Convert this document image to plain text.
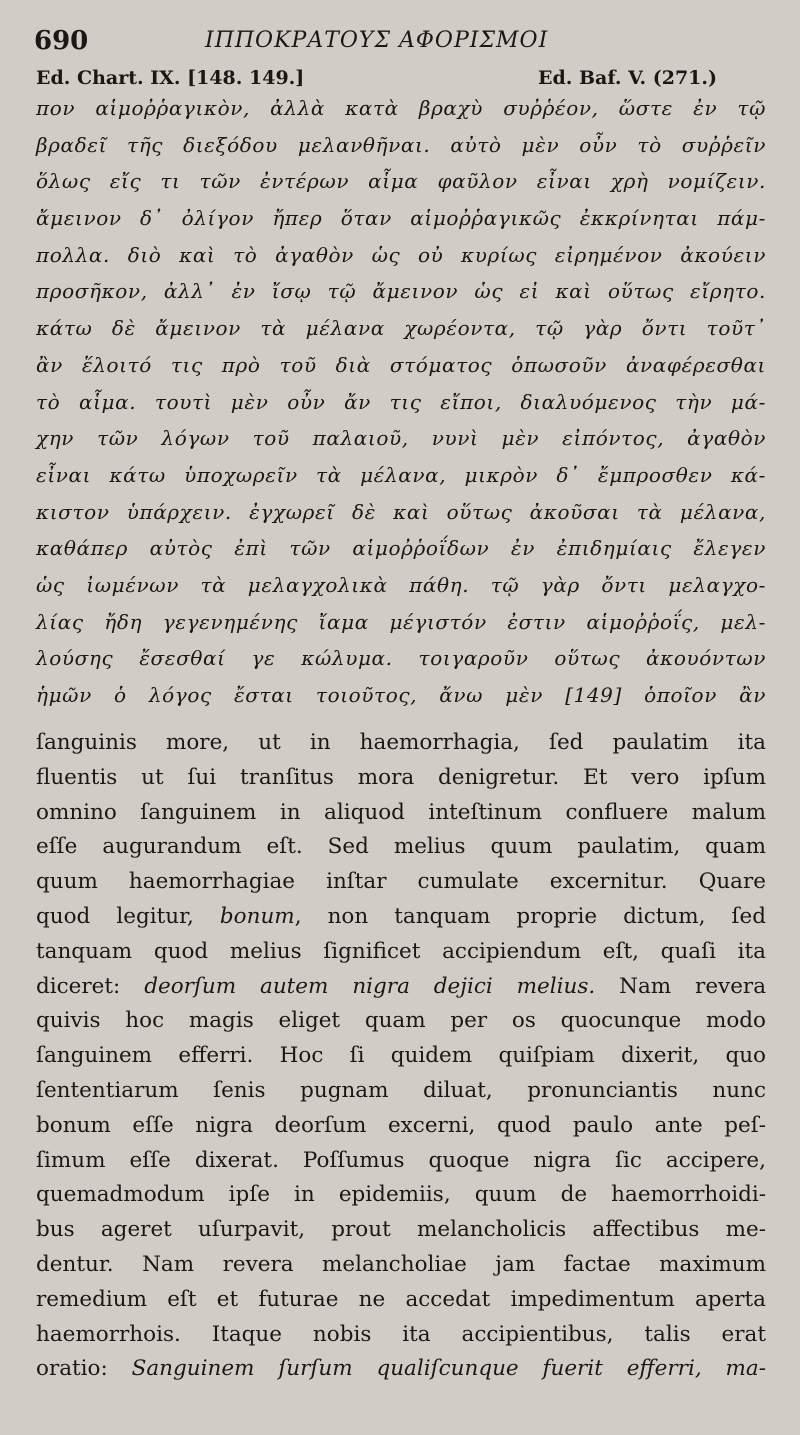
690	ΙΠΠΟΚΡΑΤΟΥΣ ΑΦΟΡΙΣΜΟΙ
Ed. Chart. IX. [148. 149.]	Ed. Baf. V. (271.)
πον αἱμοῤῥαγικὸν, ἀλλὰ κατὰ βραχὺ συῤῥέον, ὥστε ἐν τῷ
βραδεῖ τῆς διεξόδου μελανθῆναι. αὐτὸ μὲν οὖν τὸ συῤῥεῖν
ὅλως εἴς τι τῶν ἐντέρων αἷμα φαῦλον εἶναι χρὴ νομίζειν.
ἄμεινον δ᾽ ὀλίγον ἤπερ ὅταν αἱμοῤῥαγικῶς ἐκκρίνηται πάμ-
πολλα. διὸ καὶ τὸ ἀγαθὸν ὡς οὐ κυρίως εἰρημένον ἀκούειν
προσῆκον, ἀλλ᾽ ἐν ἴσῳ τῷ ἄμεινον ὡς εἰ καὶ οὕτως εἴρητο.
κάτω δὲ ἄμεινον τὰ μέλανα χωρέοντα, τῷ γὰρ ὄντι τοῦτ᾽
ἂν ἕλοιτό τις πρὸ τοῦ διὰ στόματος ὁπωσοῦν ἀναφέρεσθαι
τὸ αἷμα. τουτὶ μὲν οὖν ἄν τις εἴποι, διαλυόμενος τὴν μά-
χην τῶν λόγων τοῦ παλαιοῦ, νυνὶ μὲν εἰπόντος, ἀγαθὸν
εἶναι κάτω ὑποχωρεῖν τὰ μέλανα, μικρὸν δ᾽ ἔμπροσθεν κά-
κιστον ὑπάρχειν. ἐγχωρεῖ δὲ καὶ οὕτως ἀκοῦσαι τὰ μέλανα,
καθάπερ αὐτὸς ἐπὶ τῶν αἱμοῤῥοΐδων ἐν ἐπιδημίαις ἔλεγεν
ὡς ἰωμένων τὰ μελαγχολικὰ πάθη. τῷ γὰρ ὄντι μελαγχο-
λίας ἤδη γεγενημένης ἴαμα μέγιστόν ἐστιν αἱμοῤῥοΐς, μελ-
λούσης ἔσεσθαί γε κώλυμα. τοιγαροῦν οὕτως ἀκουόντων
ἡμῶν ὁ λόγος ἔσται τοιοῦτος, ἄνω μὲν [149] ὁποῖον ἂν
ſanguinis more, ut in haemorrhagia, ſed paulatim ita
fluentis ut ſui tranſitus mora denigretur. Et vero ipſum
omnino ſanguinem in aliquod inteſtinum confluere malum
eſſe augurandum eſt. Sed melius quum paulatim, quam
quum haemorrhagiae inſtar cumulate excernitur. Quare
quod legitur, bonum, non tanquam proprie dictum, ſed
tanquam quod melius ſignificet accipiendum eſt, quaſi ita
diceret: deorſum autem nigra dejici melius. Nam revera
quivis hoc magis eliget quam per os quocunque modo
ſanguinem efferri. Hoc ſi quidem quiſpiam dixerit, quo
ſententiarum ſenis pugnam diluat, pronunciantis nunc
bonum eſſe nigra deorſum excerni, quod paulo ante peſ-
ſimum eſſe dixerat. Poſſumus quoque nigra ſic accipere,
quemadmodum ipſe in epidemiis, quum de haemorrhoidi-
bus ageret uſurpavit, prout melancholicis affectibus me-
dentur. Nam revera melancholiae jam factae maximum
remedium eſt et futurae ne accedat impedimentum aperta
haemorrhois. Itaque nobis ita accipientibus, talis erat
oratio: Sanguinem ſurſum qualiſcunque fuerit efferri, ma-
